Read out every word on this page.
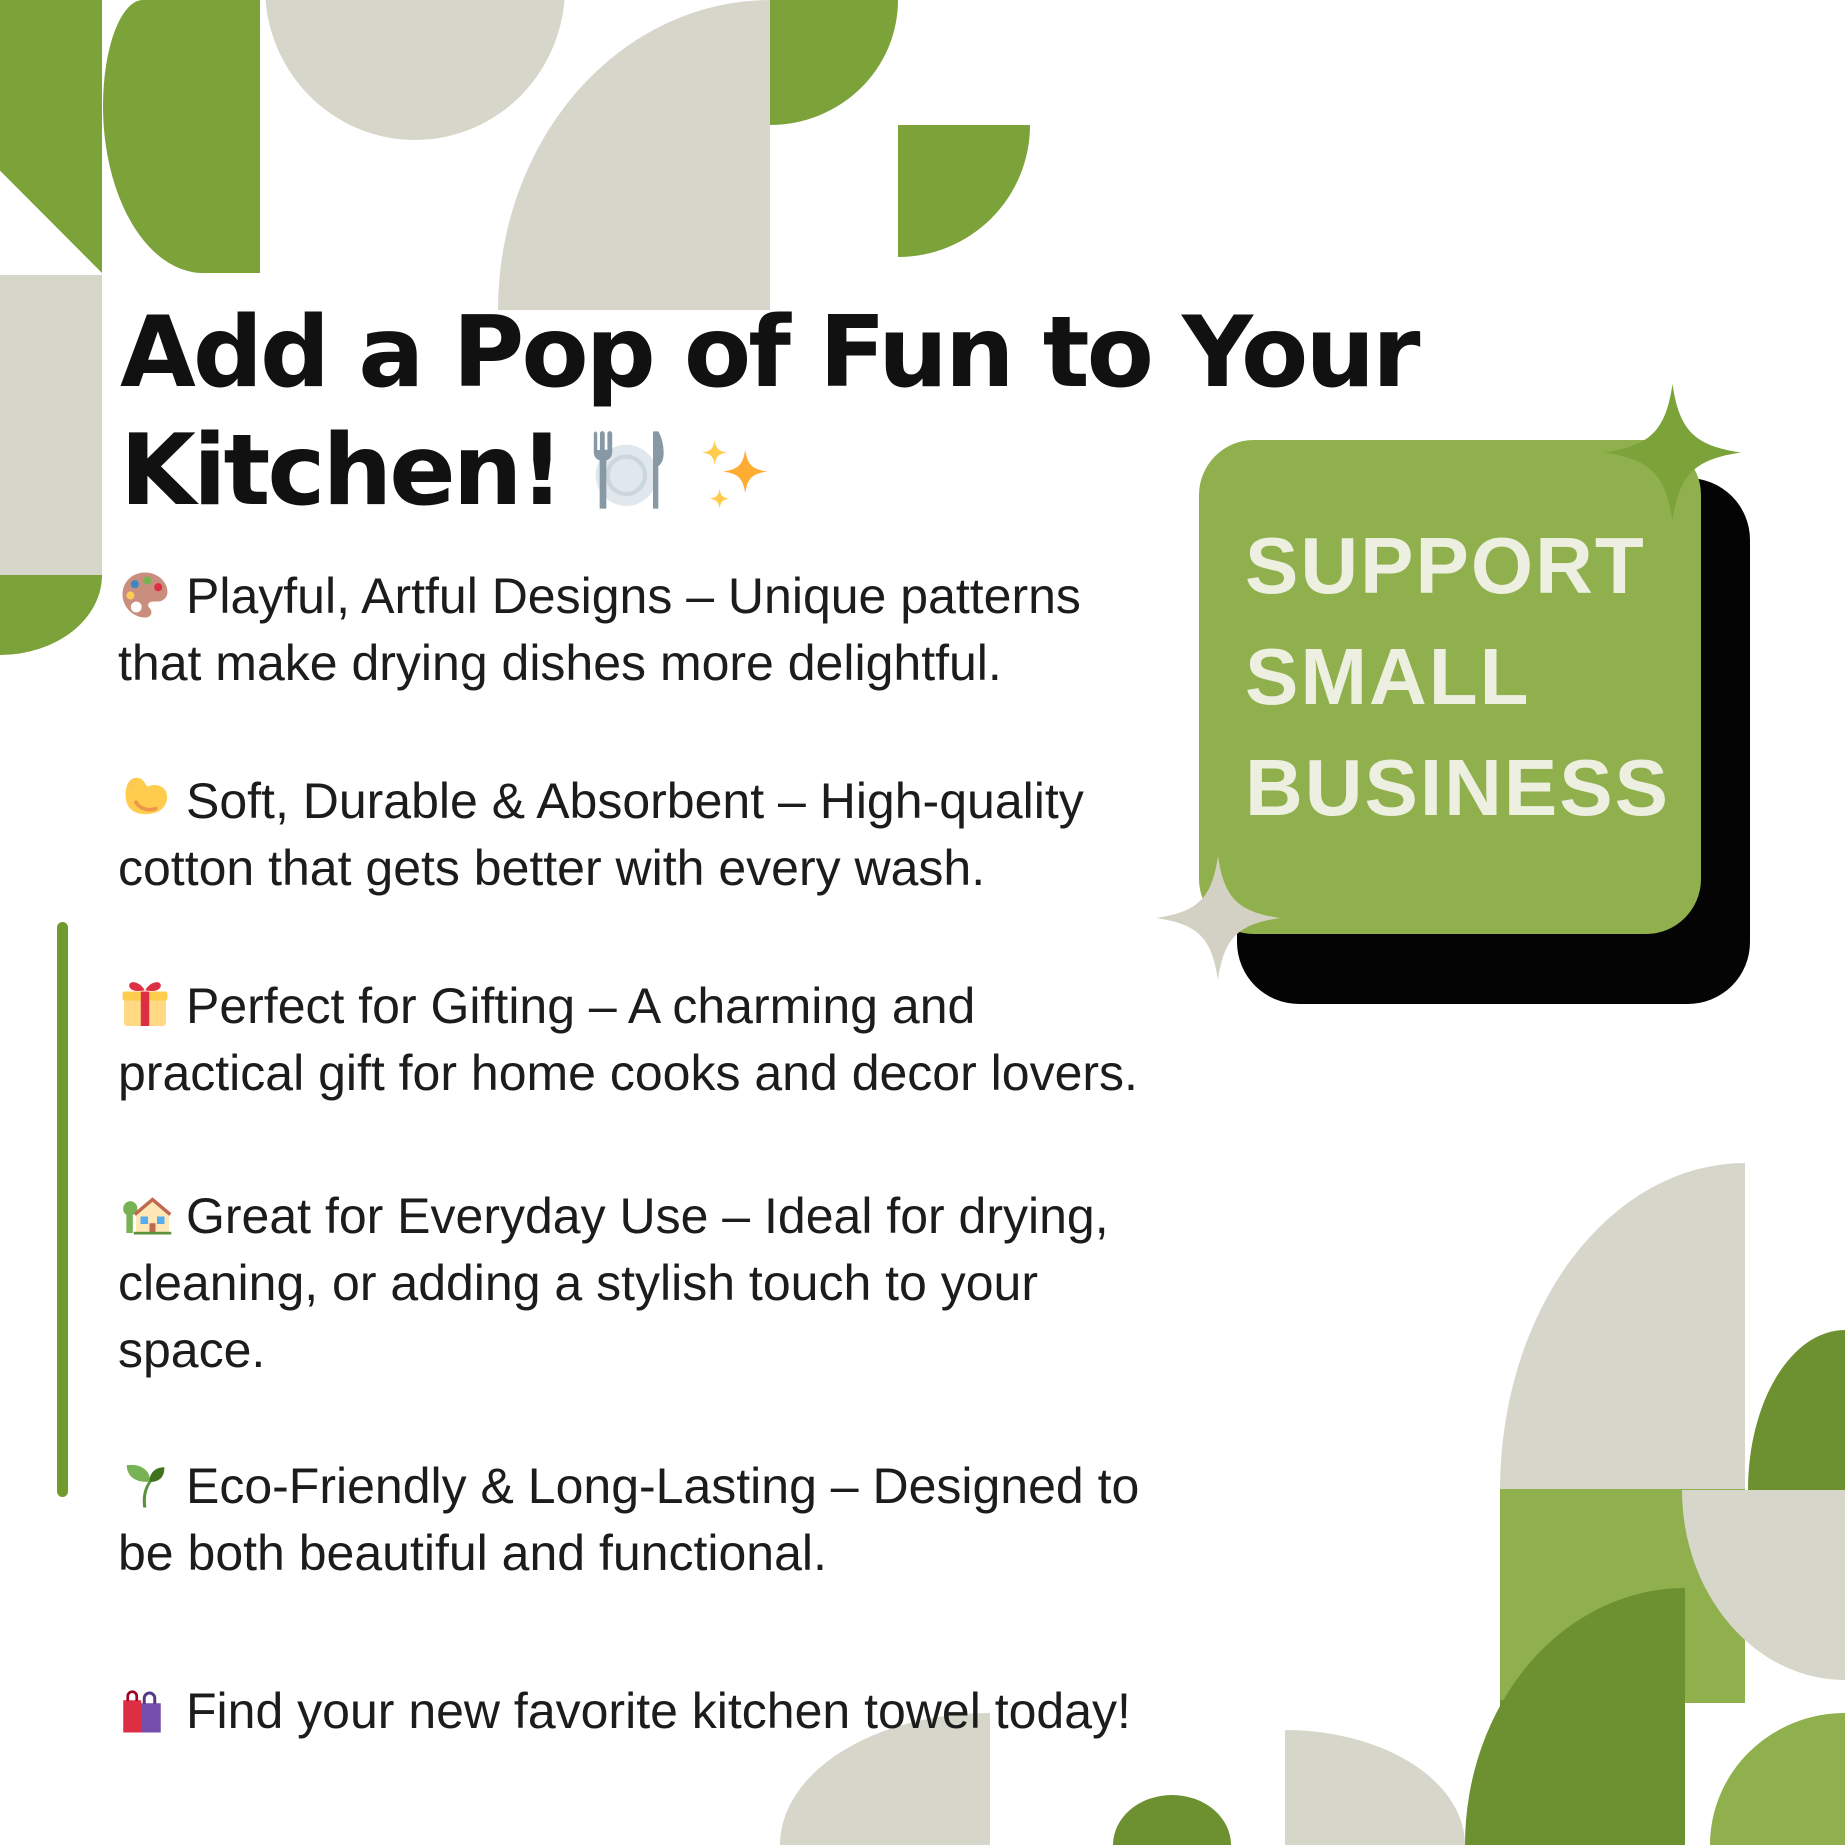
Add a Pop of Fun to Your
Kitchen!
Playful, Artful Designs – Unique patterns
that make drying dishes more delightful.
Soft, Durable & Absorbent – High-quality
cotton that gets better with every wash.
Perfect for Gifting – A charming and
practical gift for home cooks and decor lovers.
Great for Everyday Use – Ideal for drying,
cleaning, or adding a stylish touch to your
space.
Eco-Friendly & Long-Lasting – Designed to
be both beautiful and functional.
Find your new favorite kitchen towel today!
SUPPORT
SMALL
BUSINESS
